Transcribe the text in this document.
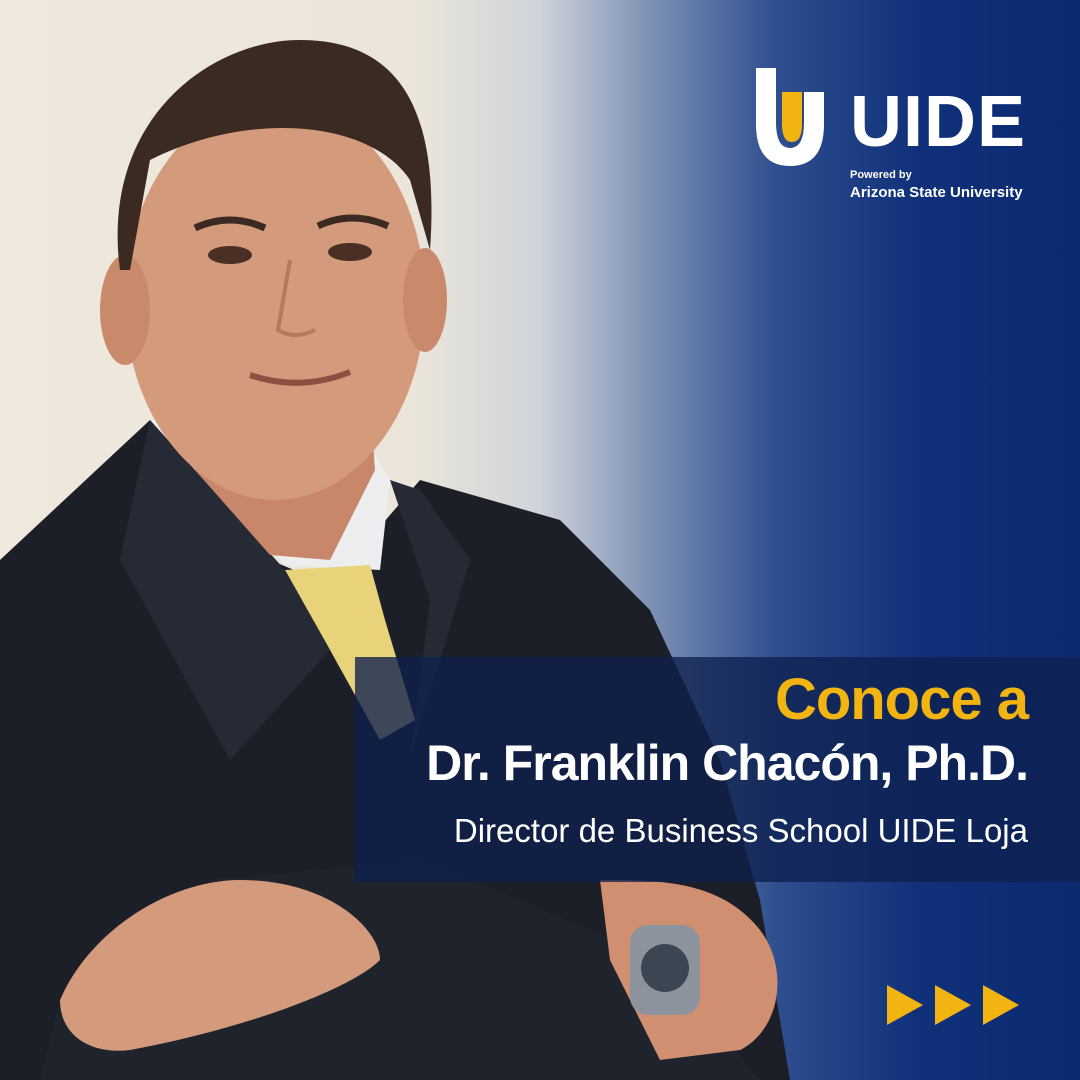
UIDE
Powered by
Arizona State University
Conoce a
Dr. Franklin Chacón, Ph.D.
Director de Business School UIDE Loja
